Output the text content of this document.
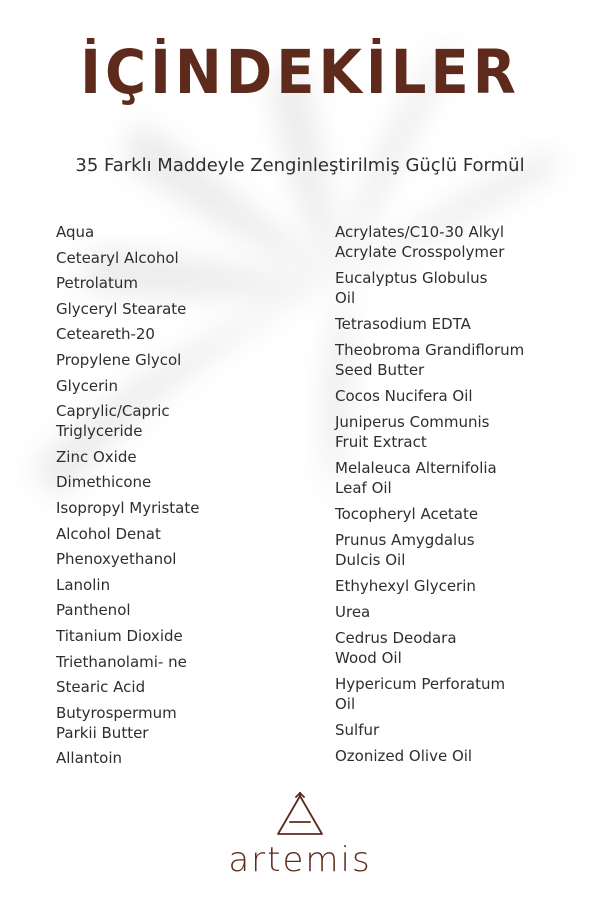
İÇİNDEKİLER
35 Farklı Maddeyle Zenginleştirilmiş Güçlü Formül
Aqua
Cetearyl Alcohol
Petrolatum
Glyceryl Stearate
Ceteareth-20
Propylene Glycol
Glycerin
Caprylic/Capric
Triglyceride
Zinc Oxide
Dimethicone
Isopropyl Myristate
Alcohol Denat
Phenoxyethanol
Lanolin
Panthenol
Titanium Dioxide
Triethanolami- ne
Stearic Acid
Butyrospermum
Parkii Butter
Allantoin
Acrylates/C10-30 Alkyl
Acrylate Crosspolymer
Eucalyptus Globulus
Oil
Tetrasodium EDTA
Theobroma Grandiflorum
Seed Butter
Cocos Nucifera Oil
Juniperus Communis
Fruit Extract
Melaleuca Alternifolia
Leaf Oil
Tocopheryl Acetate
Prunus Amygdalus
Dulcis Oil
Ethyhexyl Glycerin
Urea
Cedrus Deodara
Wood Oil
Hypericum Perforatum
Oil
Sulfur
Ozonized Olive Oil
artemis
